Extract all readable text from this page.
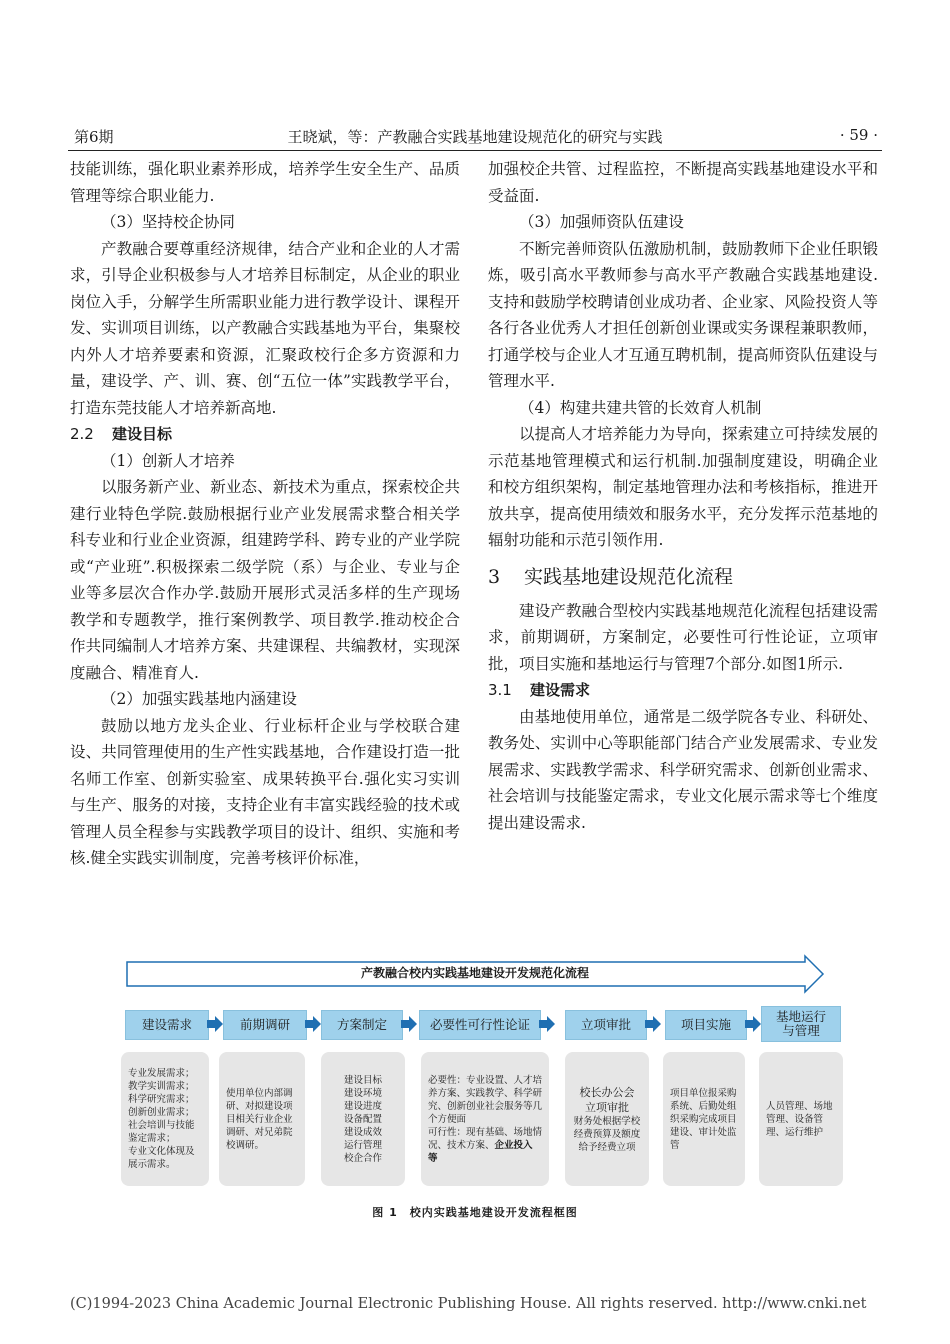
第6期	王晓斌，等：产教融合实践基地建设规范化的研究与实践	· 59 ·

技能训练，强化职业素养形成，培养学生安全生产、品质管理等综合职业能力.

（3）坚持校企协同

产教融合要尊重经济规律，结合产业和企业的人才需求，引导企业积极参与人才培养目标制定，从企业的职业岗位入手，分解学生所需职业能力进行教学设计、课程开发、实训项目训练，以产教融合实践基地为平台，集聚校内外人才培养要素和资源，汇聚政校行企多方资源和力量，建设学、产、训、赛、创“五位一体”实践教学平台，打造东莞技能人才培养新高地.

2.2 建设目标

（1）创新人才培养

以服务新产业、新业态、新技术为重点，探索校企共建行业特色学院.鼓励根据行业产业发展需求整合相关学科专业和行业企业资源，组建跨学科、跨专业的产业学院或“产业班”.积极探索二级学院（系）与企业、专业与企业等多层次合作办学.鼓励开展形式灵活多样的生产现场教学和专题教学，推行案例教学、项目教学.推动校企合作共同编制人才培养方案、共建课程、共编教材，实现深度融合、精准育人.

（2）加强实践基地内涵建设

鼓励以地方龙头企业、行业标杆企业与学校联合建设、共同管理使用的生产性实践基地，合作建设打造一批名师工作室、创新实验室、成果转换平台.强化实习实训与生产、服务的对接，支持企业有丰富实践经验的技术或管理人员全程参与实践教学项目的设计、组织、实施和考核.健全实践实训制度，完善考核评价标准，

加强校企共管、过程监控，不断提高实践基地建设水平和受益面.

（3）加强师资队伍建设

不断完善师资队伍激励机制，鼓励教师下企业任职锻炼，吸引高水平教师参与高水平产教融合实践基地建设.支持和鼓励学校聘请创业成功者、企业家、风险投资人等各行各业优秀人才担任创新创业课或实务课程兼职教师，打通学校与企业人才互通互聘机制，提高师资队伍建设与管理水平.

（4）构建共建共管的长效育人机制

以提高人才培养能力为导向，探索建立可持续发展的示范基地管理模式和运行机制.加强制度建设，明确企业和校方组织架构，制定基地管理办法和考核指标，推进开放共享，提高使用绩效和服务水平，充分发挥示范基地的辐射功能和示范引领作用.

3 实践基地建设规范化流程

建设产教融合型校内实践基地规范化流程包括建设需求，前期调研，方案制定，必要性可行性论证，立项审批，项目实施和基地运行与管理7个部分.如图1所示.

3.1 建设需求

由基地使用单位，通常是二级学院各专业、科研处、教务处、实训中心等职能部门结合产业发展需求、专业发展需求、实践教学需求、科学研究需求、创新创业需求、社会培训与技能鉴定需求，专业文化展示需求等七个维度提出建设需求.

产教融合校内实践基地建设开发规范化流程
建设需求	前期调研	方案制定	必要性可行性论证	立项审批	项目实施
基地运行与管理
专业发展需求；
教学实训需求；
科学研究需求；
创新创业需求；
社会培训与技能鉴定需求；
专业文化体现及展示需求。
使用单位内部调研、对拟建设项目相关行业企业调研、对兄弟院校调研。
建设目标
建设环境
建设进度
设备配置
建设成效
运行管理
校企合作
必要性：专业设置、人才培养方案、实践教学、科学研究、创新创业社会服务等几个方便面
可行性：现有基础、场地情况、技术方案、企业投入等
校长办公会
立项审批
财务处根据学校经费预算及额度给予经费立项
项目单位报采购系统、后勤处组织采购完成项目建设、审计处监管
人员管理、场地管理、设备管理、运行维护
图 1　校内实践基地建设开发流程框图
(C)1994-2023 China Academic Journal Electronic Publishing House. All rights reserved. http://www.cnki.net
